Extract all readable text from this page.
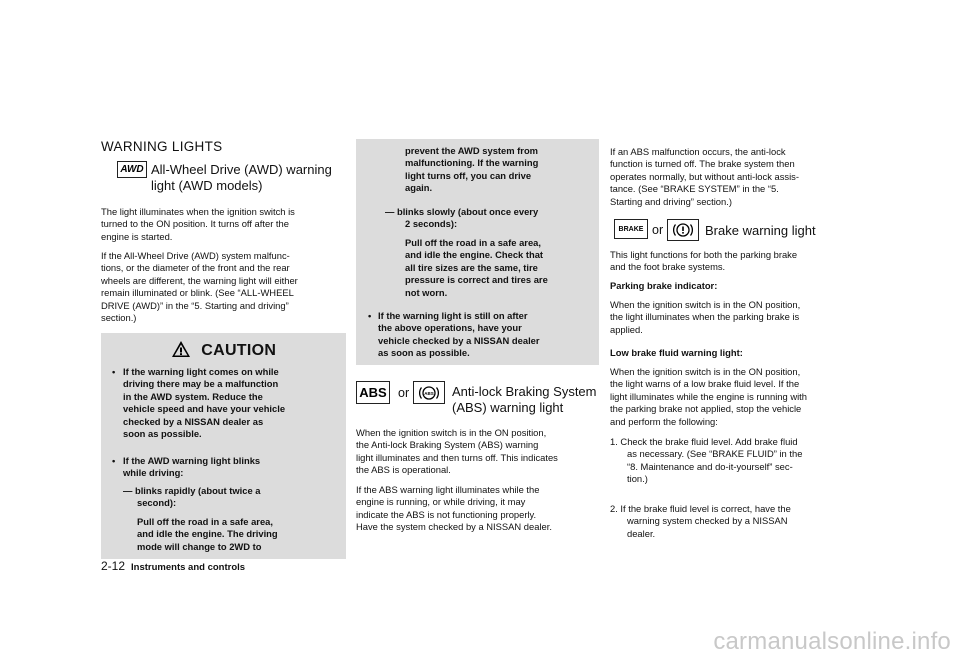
WARNING LIGHTS
AWD All-Wheel Drive (AWD) warning
light (AWD models)
The light illuminates when the ignition switch is
turned to the ON position. It turns off after the
engine is started.
If the All-Wheel Drive (AWD) system malfunc-
tions, or the diameter of the front and the rear
wheels are different, the warning light will either
remain illuminated or blink. (See “ALL-WHEEL
DRIVE (AWD)” in the “5. Starting and driving”
section.)
CAUTION
• If the warning light comes on while
driving there may be a malfunction
in the AWD system. Reduce the
vehicle speed and have your vehicle
checked by a NISSAN dealer as
soon as possible.
• If the AWD warning light blinks
while driving:
— blinks rapidly (about twice a
second):
Pull off the road in a safe area,
and idle the engine. The driving
mode will change to 2WD to
2-12 Instruments and controls
prevent the AWD system from
malfunctioning. If the warning
light turns off, you can drive
again.
— blinks slowly (about once every
2 seconds):
Pull off the road in a safe area,
and idle the engine. Check that
all tire sizes are the same, tire
pressure is correct and tires are
not worn.
• If the warning light is still on after
the above operations, have your
vehicle checked by a NISSAN dealer
as soon as possible.
ABS or	ABS Anti-lock Braking System
(ABS) warning light
When the ignition switch is in the ON position,
the Anti-lock Braking System (ABS) warning
light illuminates and then turns off. This indicates
the ABS is operational.
If the ABS warning light illuminates while the
engine is running, or while driving, it may
indicate the ABS is not functioning properly.
Have the system checked by a NISSAN dealer.
If an ABS malfunction occurs, the anti-lock
function is turned off. The brake system then
operates normally, but without anti-lock assis-
tance. (See “BRAKE SYSTEM” in the “5.
Starting and driving” section.)
BRAKE or	Brake warning light
This light functions for both the parking brake
and the foot brake systems.
Parking brake indicator:
When the ignition switch is in the ON position,
the light illuminates when the parking brake is
applied.
Low brake fluid warning light:
When the ignition switch is in the ON position,
the light warns of a low brake fluid level. If the
light illuminates while the engine is running with
the parking brake not applied, stop the vehicle
and perform the following:
1. Check the brake fluid level. Add brake fluid
as necessary. (See “BRAKE FLUID” in the
“8. Maintenance and do-it-yourself” sec-
tion.)
2. If the brake fluid level is correct, have the
warning system checked by a NISSAN
dealer.
carmanualsonline.info
